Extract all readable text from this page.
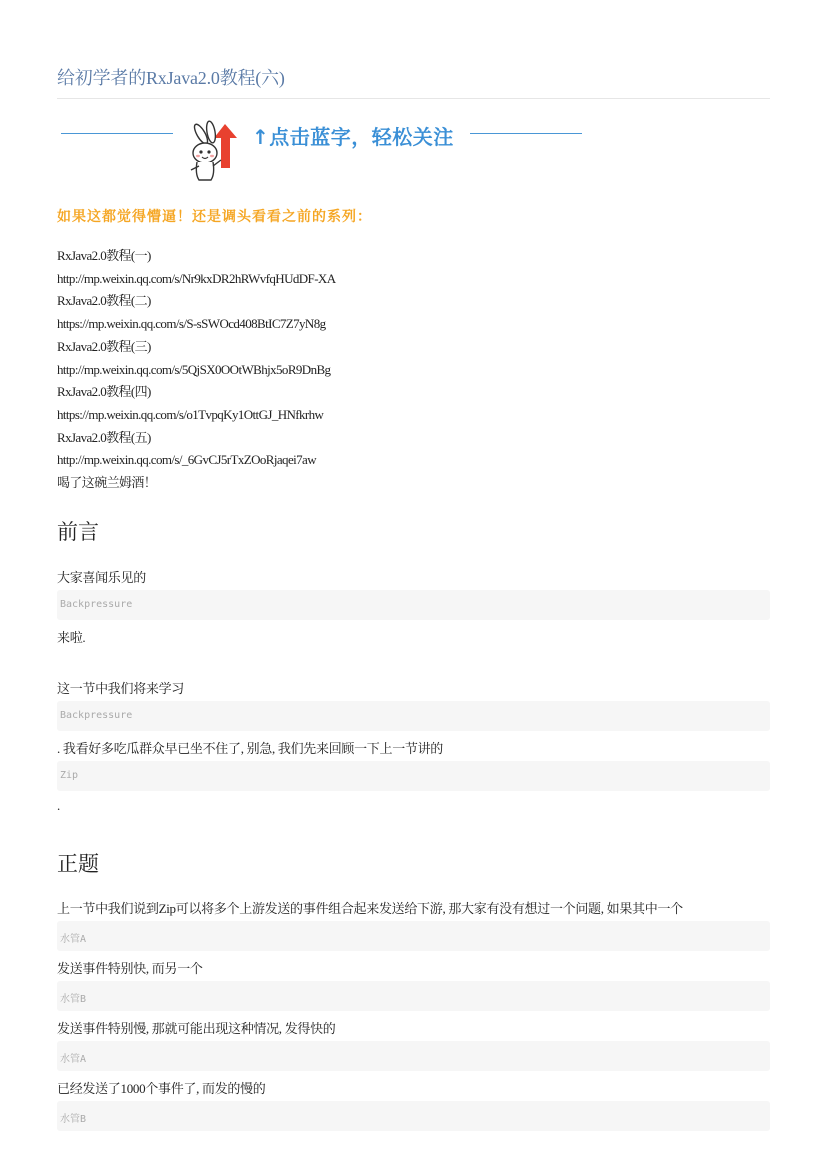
给初学者的RxJava2.0教程(六)
↑点击蓝字，轻松关注

如果这都觉得懵逼！还是调头看看之前的系列：

RxJava2.0教程(一)
http://mp.weixin.qq.com/s/Nr9kxDR2hRWvfqHUdDF-XA
RxJava2.0教程(二)
https://mp.weixin.qq.com/s/S-sSWOcd408BtIC7Z7yN8g
RxJava2.0教程(三)
http://mp.weixin.qq.com/s/5QjSX0OOtWBhjx5oR9DnBg
RxJava2.0教程(四)
https://mp.weixin.qq.com/s/o1TvpqKy1OttGJ_HNfkrhw
RxJava2.0教程(五)
http://mp.weixin.qq.com/s/_6GvCJ5rTxZOoRjaqei7aw
喝了这碗兰姆酒！
前言

大家喜闻乐见的

Backpressure

来啦.

这一节中我们将来学习

Backpressure

. 我看好多吃瓜群众早已坐不住了, 别急, 我们先来回顾一下上一节讲的

Zip

.

正题

上一节中我们说到Zip可以将多个上游发送的事件组合起来发送给下游, 那大家有没有想过一个问题, 如果其中一个

水管A

发送事件特别快, 而另一个

水管B

发送事件特别慢, 那就可能出现这种情况, 发得快的

水管A

已经发送了1000个事件了, 而发的慢的

水管B
